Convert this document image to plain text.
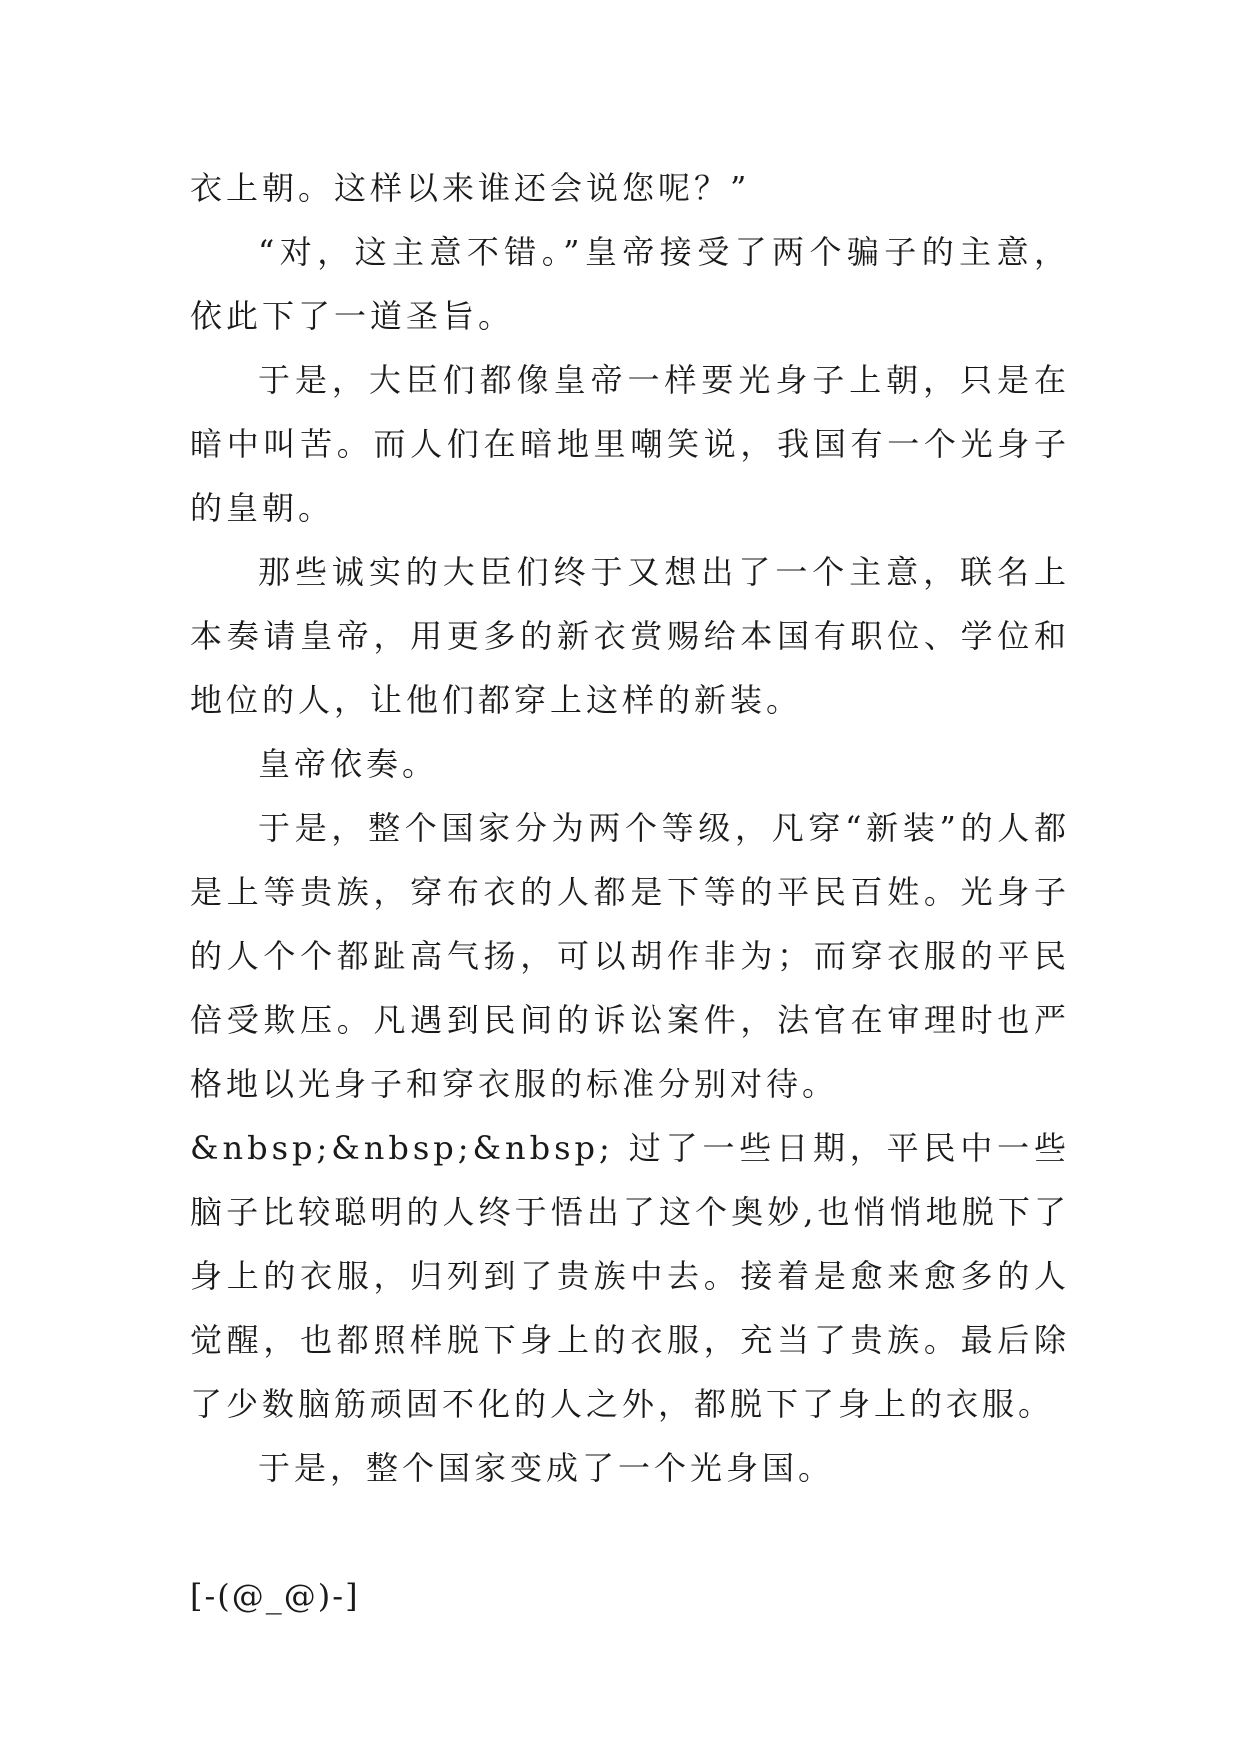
衣上朝。这样以来谁还会说您呢？”

“对，这主意不错。”皇帝接受了两个骗子的主意，依此下了一道圣旨。

于是，大臣们都像皇帝一样要光身子上朝，只是在暗中叫苦。而人们在暗地里嘲笑说，我国有一个光身子的皇朝。

那些诚实的大臣们终于又想出了一个主意，联名上本奏请皇帝，用更多的新衣赏赐给本国有职位、学位和地位的人，让他们都穿上这样的新装。

皇帝依奏。

于是，整个国家分为两个等级，凡穿“新装”的人都是上等贵族，穿布衣的人都是下等的平民百姓。光身子的人个个都趾高气扬，可以胡作非为；而穿衣服的平民倍受欺压。凡遇到民间的诉讼案件，法官在审理时也严格地以光身子和穿衣服的标准分别对待。

&nbsp;&nbsp;&nbsp; 过了一些日期，平民中一些脑子比较聪明的人终于悟出了这个奥妙,也悄悄地脱下了身上的衣服，归列到了贵族中去。接着是愈来愈多的人觉醒，也都照样脱下身上的衣服，充当了贵族。最后除了少数脑筋顽固不化的人之外，都脱下了身上的衣服。

于是，整个国家变成了一个光身国。

[-(@_@)-]
